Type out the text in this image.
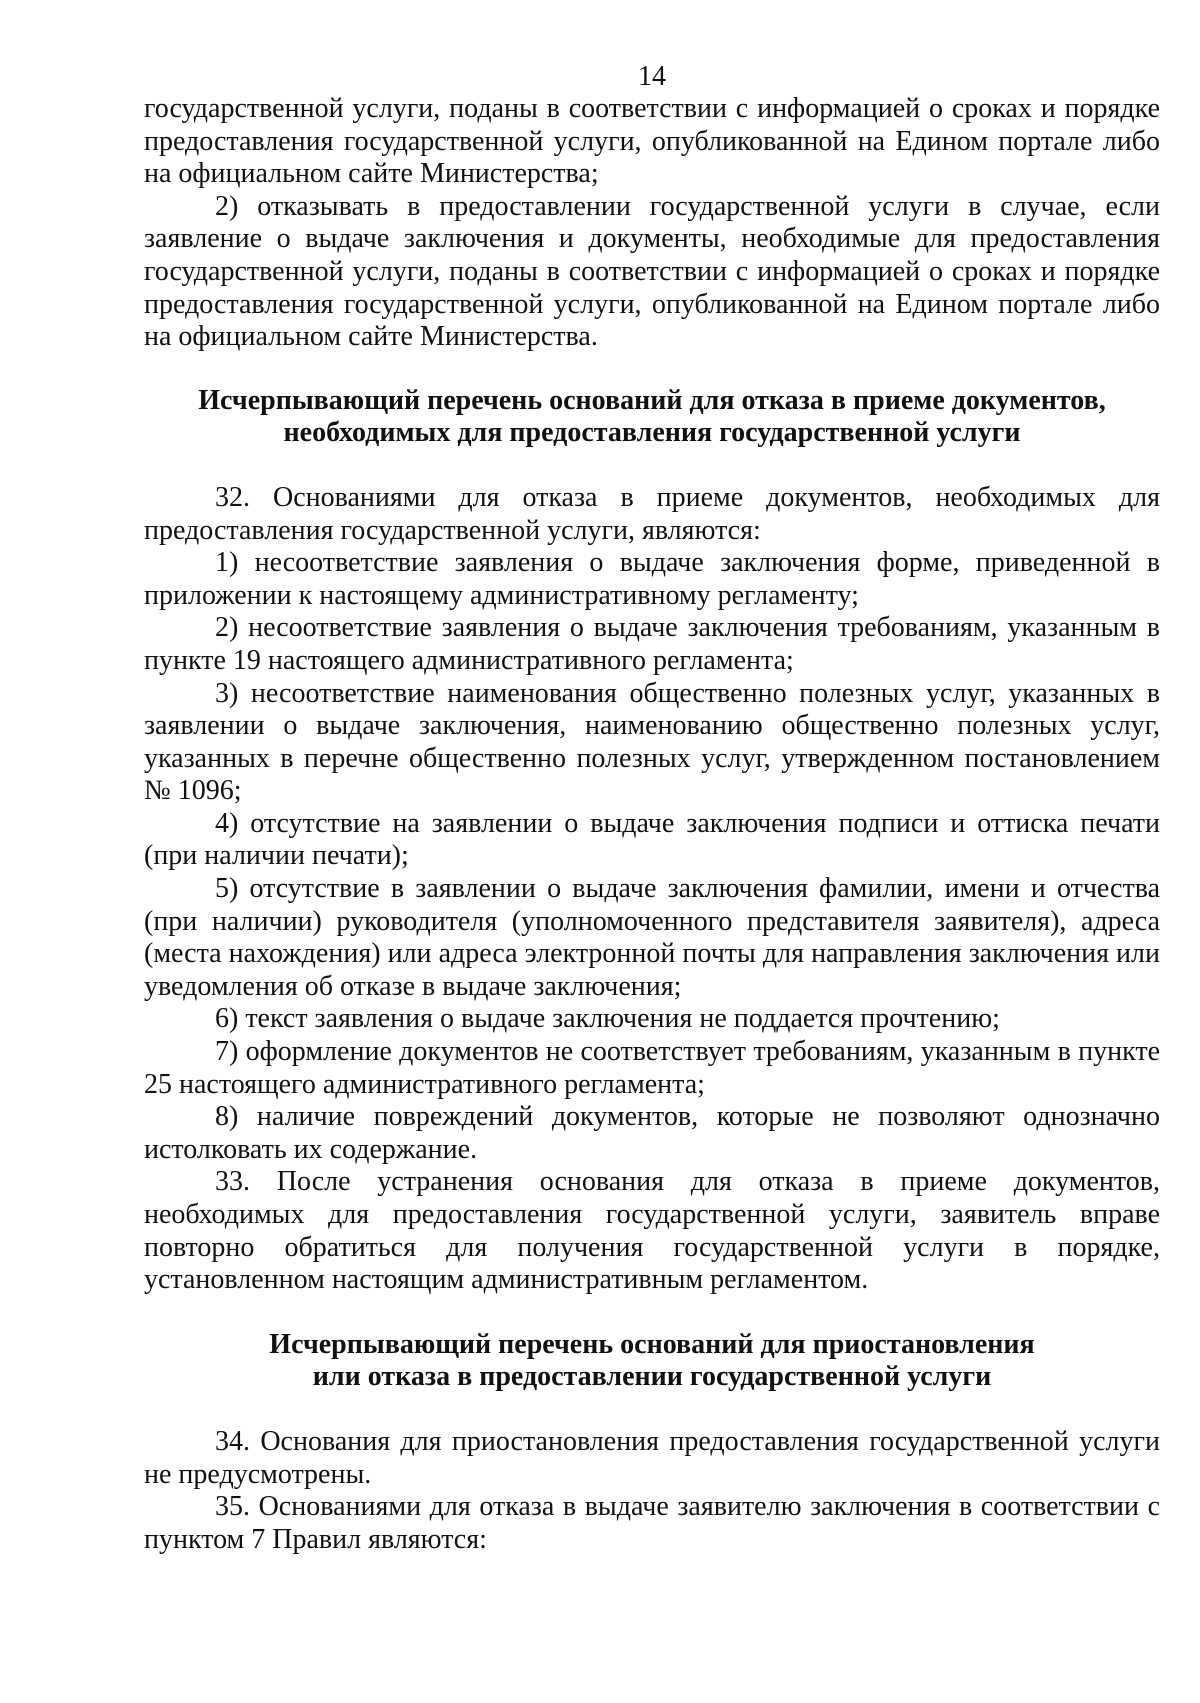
14

государственной услуги, поданы в соответствии с информацией о сроках и порядке предоставления государственной услуги, опубликованной на Едином портале либо на официальном сайте Министерства;

2) отказывать в предоставлении государственной услуги в случае, если заявление о выдаче заключения и документы, необходимые для предоставления государственной услуги, поданы в соответствии с информацией о сроках и порядке предоставления государственной услуги, опубликованной на Едином портале либо на официальном сайте Министерства.

Исчерпывающий перечень оснований для отказа в приеме документов,
необходимых для предоставления государственной услуги

32. Основаниями для отказа в приеме документов, необходимых для предоставления государственной услуги, являются:

1) несоответствие заявления о выдаче заключения форме, приведенной в приложении к настоящему административному регламенту;

2) несоответствие заявления о выдаче заключения требованиям, указанным в пункте 19 настоящего административного регламента;

3) несоответствие наименования общественно полезных услуг, указанных в заявлении о выдаче заключения, наименованию общественно полезных услуг, указанных в перечне общественно полезных услуг, утвержденном постановлением № 1096;

4) отсутствие на заявлении о выдаче заключения подписи и оттиска печати (при наличии печати);

5) отсутствие в заявлении о выдаче заключения фамилии, имени и отчества (при наличии) руководителя (уполномоченного представителя заявителя), адреса (места нахождения) или адреса электронной почты для направления заключения или уведомления об отказе в выдаче заключения;

6) текст заявления о выдаче заключения не поддается прочтению;

7) оформление документов не соответствует требованиям, указанным в пункте 25 настоящего административного регламента;

8) наличие повреждений документов, которые не позволяют однозначно истолковать их содержание.

33. После устранения основания для отказа в приеме документов, необходимых для предоставления государственной услуги, заявитель вправе повторно обратиться для получения государственной услуги в порядке, установленном настоящим административным регламентом.

Исчерпывающий перечень оснований для приостановления
или отказа в предоставлении государственной услуги

34. Основания для приостановления предоставления государственной услуги не предусмотрены.

35. Основаниями для отказа в выдаче заявителю заключения в соответствии с пунктом 7 Правил являются:
